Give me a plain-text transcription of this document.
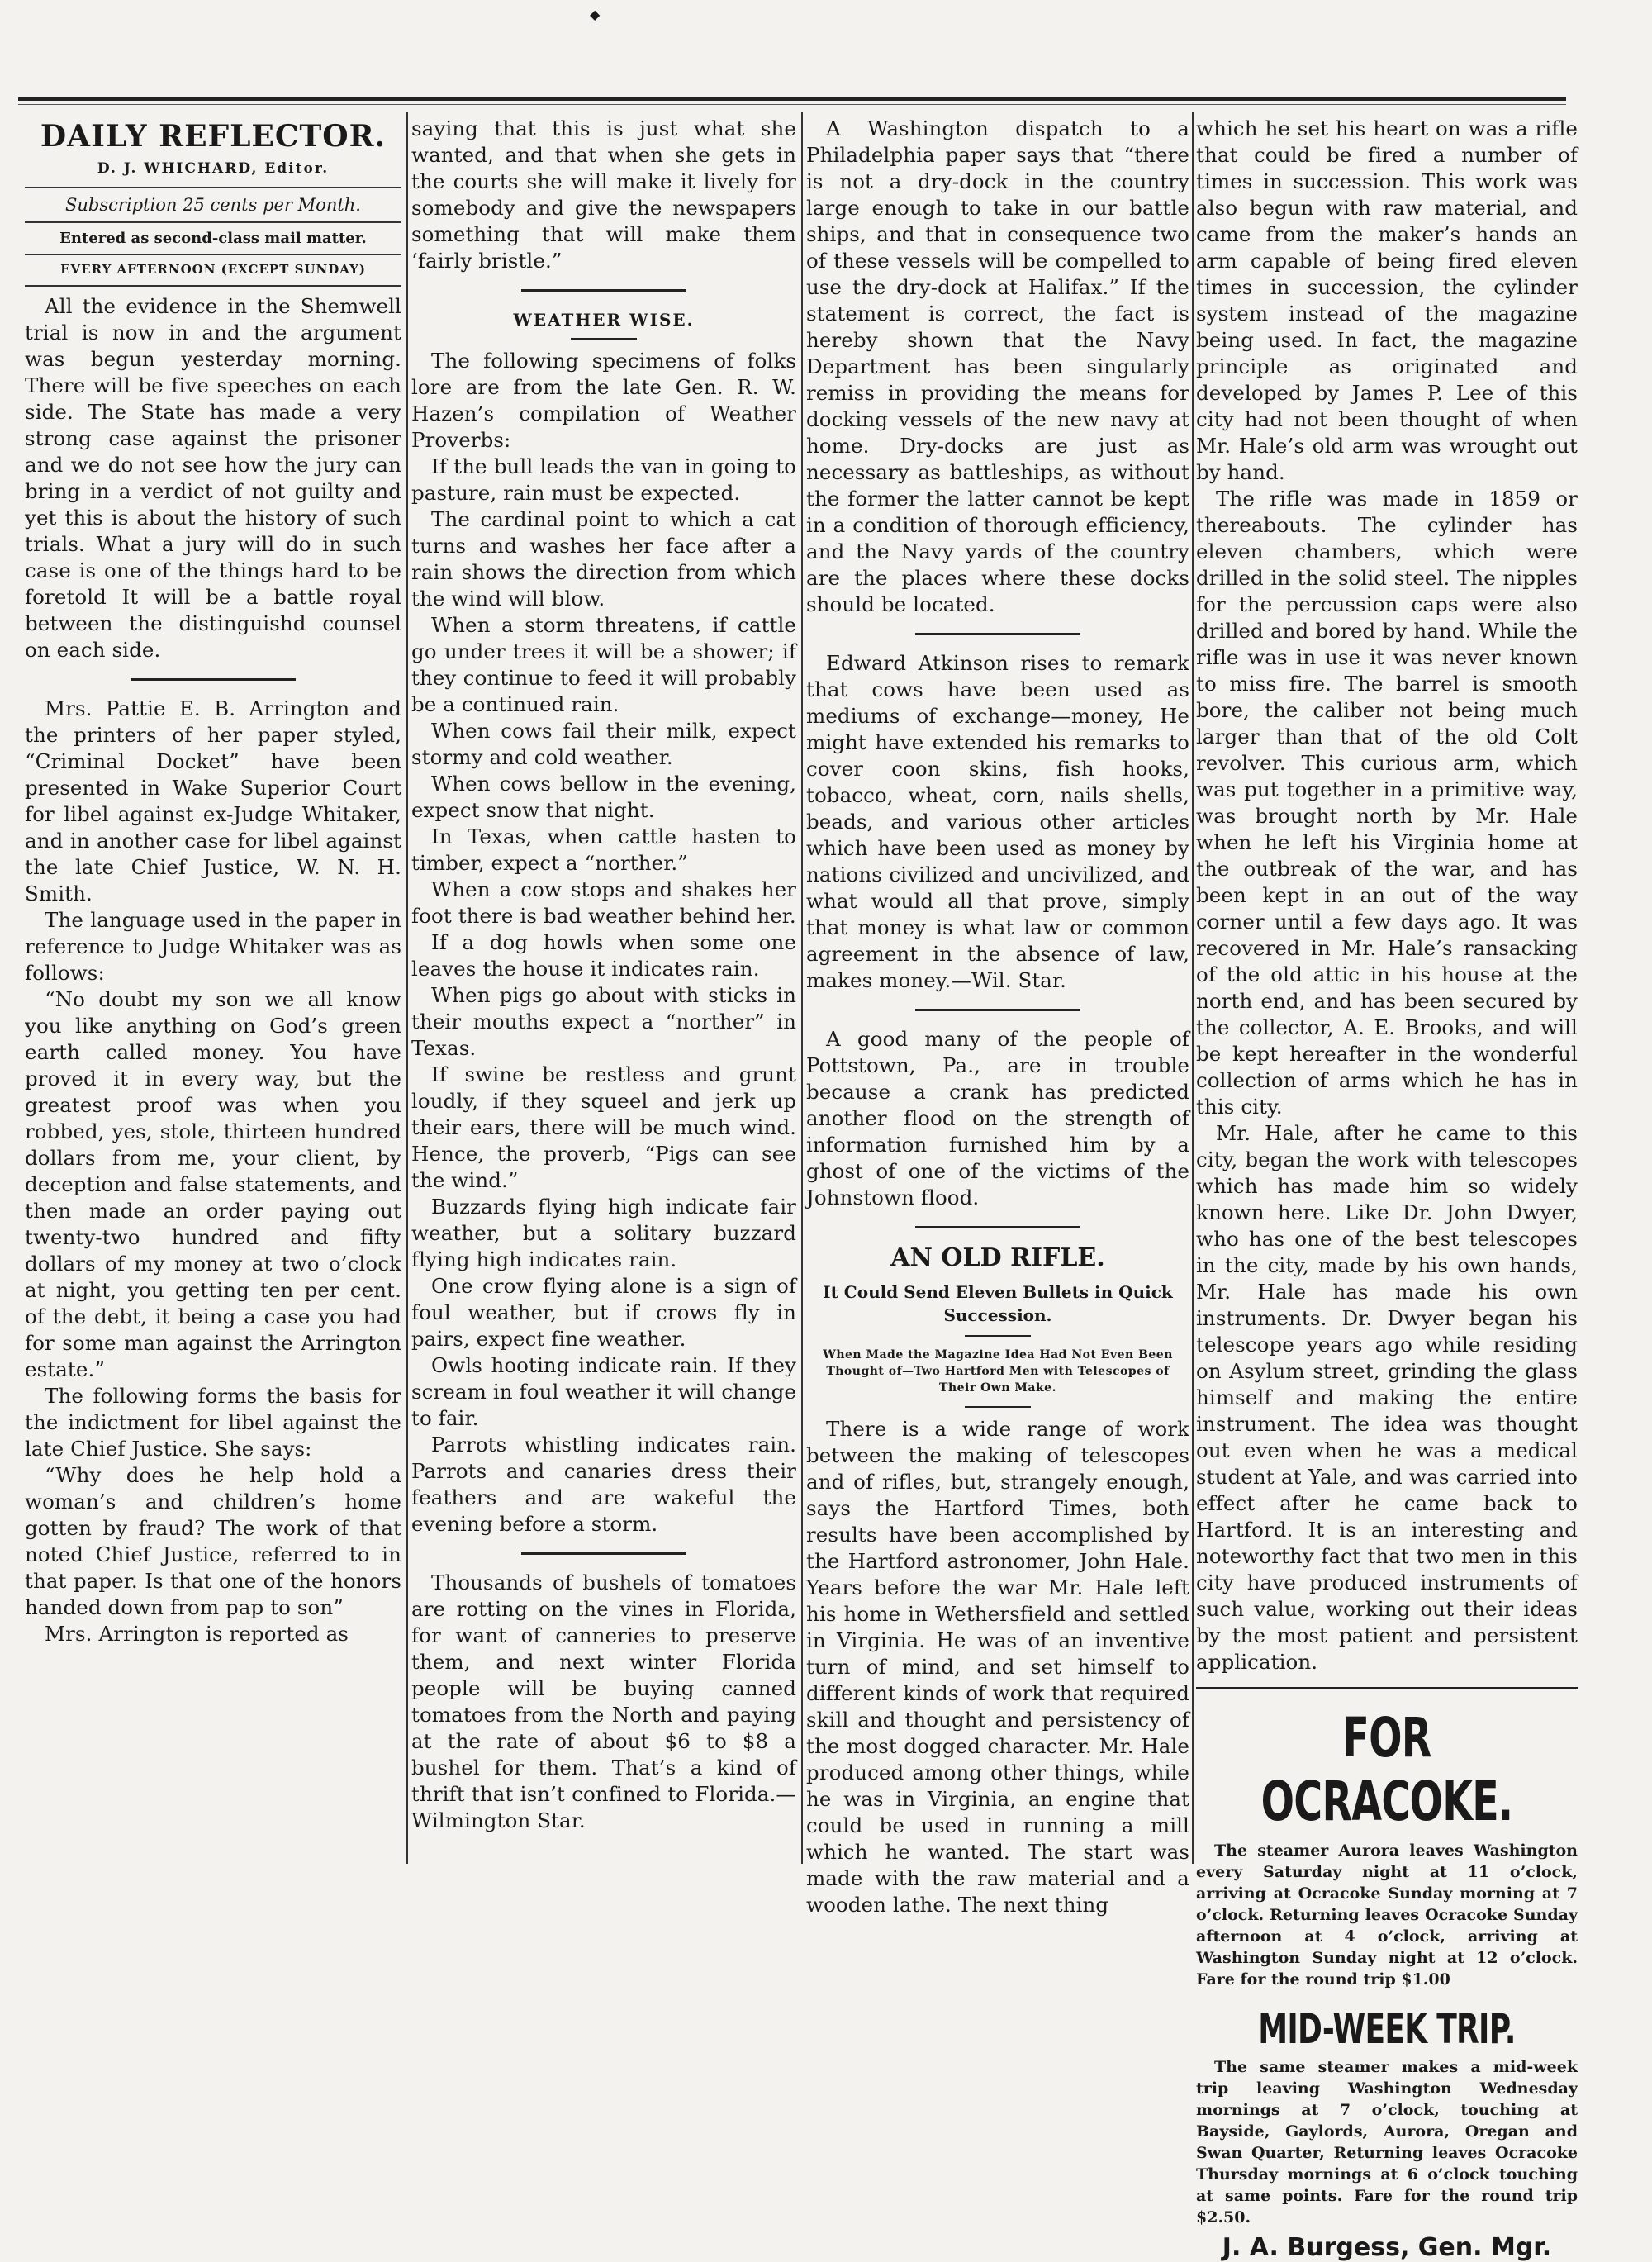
◆
DAILY REFLECTOR.
D. J. WHICHARD, Editor.
Subscription 25 cents per Month.
Entered as second-class mail matter.
EVERY AFTERNOON (EXCEPT SUNDAY)

All the evidence in the Shemwell trial is now in and the argument was begun yesterday morning. There will be five speeches on each side. The State has made a very strong case against the prisoner and we do not see how the jury can bring in a verdict of not guilty and yet this is about the history of such trials. What a jury will do in such case is one of the things hard to be foretold It will be a battle royal between the distinguishd counsel on each side.

Mrs. Pattie E. B. Arrington and the printers of her paper styled, “Criminal Docket” have been presented in Wake Superior Court for libel against ex-Judge Whitaker, and in another case for libel against the late Chief Justice, W. N. H. Smith.

The language used in the paper in reference to Judge Whitaker was as follows:

“No doubt my son we all know you like anything on God’s green earth called money. You have proved it in every way, but the greatest proof was when you robbed, yes, stole, thirteen hundred dollars from me, your client, by deception and false statements, and then made an order paying out twenty-two hundred and fifty dollars of my money at two o’clock at night, you getting ten per cent. of the debt, it being a case you had for some man against the Arrington estate.”

The following forms the basis for the indictment for libel against the late Chief Justice. She says:

“Why does he help hold a woman’s and children’s home gotten by fraud? The work of that noted Chief Justice, referred to in that paper. Is that one of the honors handed down from pap to son”

Mrs. Arrington is reported as

saying that this is just what she wanted, and that when she gets in the courts she will make it lively for somebody and give the newspapers something that will make them ‘fairly bristle.”

WEATHER WISE.

The following specimens of folks lore are from the late Gen. R. W. Hazen’s compilation of Weather Proverbs:

If the bull leads the van in going to pasture, rain must be expected.

The cardinal point to which a cat turns and washes her face after a rain shows the direction from which the wind will blow.

When a storm threatens, if cattle go under trees it will be a shower; if they continue to feed it will probably be a continued rain.

When cows fail their milk, expect stormy and cold weather.

When cows bellow in the evening, expect snow that night.

In Texas, when cattle hasten to timber, expect a “norther.”

When a cow stops and shakes her foot there is bad weather behind her.

If a dog howls when some one leaves the house it indicates rain.

When pigs go about with sticks in their mouths expect a “norther” in Texas.

If swine be restless and grunt loudly, if they squeel and jerk up their ears, there will be much wind. Hence, the proverb, “Pigs can see the wind.”

Buzzards flying high indicate fair weather, but a solitary buzzard flying high indicates rain.

One crow flying alone is a sign of foul weather, but if crows fly in pairs, expect fine weather.

Owls hooting indicate rain. If they scream in foul weather it will change to fair.

Parrots whistling indicates rain. Parrots and canaries dress their feathers and are wakeful the evening before a storm.

Thousands of bushels of tomatoes are rotting on the vines in Florida, for want of canneries to preserve them, and next winter Florida people will be buying canned tomatoes from the North and paying at the rate of about $6 to $8 a bushel for them. That’s a kind of thrift that isn’t confined to Florida.—Wilmington Star.

A Washington dispatch to a Philadelphia paper says that “there is not a dry-dock in the country large enough to take in our battle ships, and that in consequence two of these vessels will be compelled to use the dry-dock at Halifax.” If the statement is correct, the fact is hereby shown that the Navy Department has been singularly remiss in providing the means for docking vessels of the new navy at home. Dry-docks are just as necessary as battleships, as without the former the latter cannot be kept in a condition of thorough efficiency, and the Navy yards of the country are the places where these docks should be located.

Edward Atkinson rises to remark that cows have been used as mediums of exchange—money, He might have extended his remarks to cover coon skins, fish hooks, tobacco, wheat, corn, nails shells, beads, and various other articles which have been used as money by nations civilized and uncivilized, and what would all that prove, simply that money is what law or common agreement in the absence of law, makes money.—Wil. Star.

A good many of the people of Pottstown, Pa., are in trouble because a crank has predicted another flood on the strength of information furnished him by a ghost of one of the victims of the Johnstown flood.

AN OLD RIFLE.
It Could Send Eleven Bullets in Quick Succession.
When Made the Magazine Idea Had Not Even Been Thought of—Two Hartford Men with Telescopes of Their Own Make.

There is a wide range of work between the making of telescopes and of rifles, but, strangely enough, says the Hartford Times, both results have been accomplished by the Hartford astronomer, John Hale. Years before the war Mr. Hale left his home in Wethersfield and settled in Virginia. He was of an inventive turn of mind, and set himself to different kinds of work that required skill and thought and persistency of the most dogged character. Mr. Hale produced among other things, while he was in Virginia, an engine that could be used in running a mill which he wanted. The start was made with the raw material and a wooden lathe. The next thing

which he set his heart on was a rifle that could be fired a number of times in succession. This work was also begun with raw material, and came from the maker’s hands an arm capable of being fired eleven times in succession, the cylinder system instead of the magazine being used. In fact, the magazine principle as originated and developed by James P. Lee of this city had not been thought of when Mr. Hale’s old arm was wrought out by hand.

The rifle was made in 1859 or thereabouts. The cylinder has eleven chambers, which were drilled in the solid steel. The nipples for the percussion caps were also drilled and bored by hand. While the rifle was in use it was never known to miss fire. The barrel is smooth bore, the caliber not being much larger than that of the old Colt revolver. This curious arm, which was put together in a primitive way, was brought north by Mr. Hale when he left his Virginia home at the outbreak of the war, and has been kept in an out of the way corner until a few days ago. It was recovered in Mr. Hale’s ransacking of the old attic in his house at the north end, and has been secured by the collector, A. E. Brooks, and will be kept hereafter in the wonderful collection of arms which he has in this city.

Mr. Hale, after he came to this city, began the work with telescopes which has made him so widely known here. Like Dr. John Dwyer, who has one of the best telescopes in the city, made by his own hands, Mr. Hale has made his own instruments. Dr. Dwyer began his telescope years ago while residing on Asylum street, grinding the glass himself and making the entire instrument. The idea was thought out even when he was a medical student at Yale, and was carried into effect after he came back to Hartford. It is an interesting and noteworthy fact that two men in this city have produced instruments of such value, working out their ideas by the most patient and persistent application.

FOR OCRACOKE.

The steamer Aurora leaves Washington every Saturday night at 11 o’clock, arriving at Ocracoke Sunday morning at 7 o’clock. Returning leaves Ocracoke Sunday afternoon at 4 o’clock, arriving at Washington Sunday night at 12 o’clock. Fare for the round trip $1.00

MID-WEEK TRIP.

The same steamer makes a mid-week trip leaving Washington Wednesday mornings at 7 o’clock, touching at Bayside, Gaylords, Aurora, Oregan and Swan Quarter, Returning leaves Ocracoke Thursday mornings at 6 o’clock touching at same points. Fare for the round trip $2.50.

J. A. Burgess, Gen. Mgr.
